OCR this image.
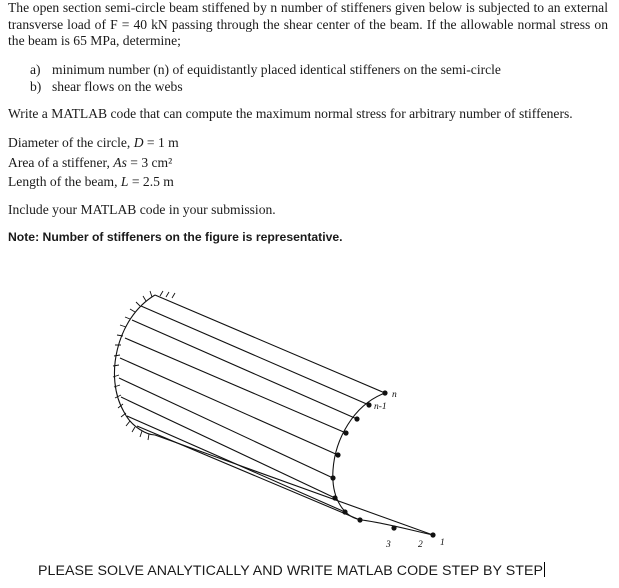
The open section semi-circle beam stiffened by n number of stiffeners given below is subjected to an external transverse load of F = 40 kN passing through the shear center of the beam. If the allowable normal stress on the beam is 65 MPa, determine;
a) minimum number (n) of equidistantly placed identical stiffeners on the semi-circle
b) shear flows on the webs
Write a MATLAB code that can compute the maximum normal stress for arbitrary number of stiffeners.
Diameter of the circle, D = 1 m
Area of a stiffener, As = 3 cm²
Length of the beam, L = 2.5 m
Include your MATLAB code in your submission.
Note: Number of stiffeners on the figure is representative.
n
n-1
3	2 1
PLEASE SOLVE ANALYTICALLY AND WRITE MATLAB CODE STEP BY STEP
